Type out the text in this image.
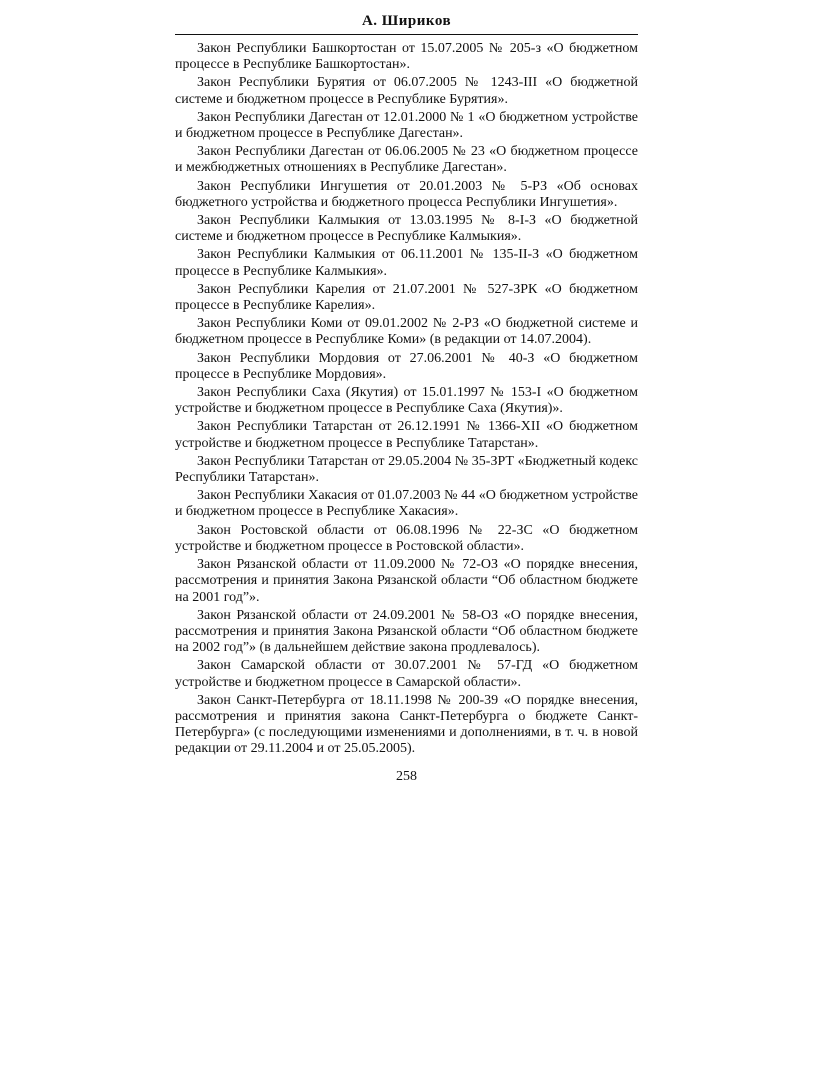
А. Шириков

Закон Республики Башкортостан от 15.07.2005 № 205-з «О бюджетном процессе в Республике Башкортостан».

Закон Республики Бурятия от 06.07.2005 № 1243-III «О бюджетной системе и бюджетном процессе в Республике Бурятия».

Закон Республики Дагестан от 12.01.2000 № 1 «О бюджетном устройстве и бюджетном процессе в Республике Дагестан».

Закон Республики Дагестан от 06.06.2005 № 23 «О бюджетном процессе и межбюджетных отношениях в Республике Дагестан».

Закон Республики Ингушетия от 20.01.2003 № 5-РЗ «Об основах бюджетного устройства и бюджетного процесса Республики Ингушетия».

Закон Республики Калмыкия от 13.03.1995 № 8-I-З «О бюджетной системе и бюджетном процессе в Республике Калмыкия».

Закон Республики Калмыкия от 06.11.2001 № 135-II-З «О бюджетном процессе в Республике Калмыкия».

Закон Республики Карелия от 21.07.2001 № 527-ЗРК «О бюджетном процессе в Республике Карелия».

Закон Республики Коми от 09.01.2002 № 2-РЗ «О бюджетной системе и бюджетном процессе в Республике Коми» (в редакции от 14.07.2004).

Закон Республики Мордовия от 27.06.2001 № 40-З «О бюджетном процессе в Республике Мордовия».

Закон Республики Саха (Якутия) от 15.01.1997 № 153-I «О бюджетном устройстве и бюджетном процессе в Республике Саха (Якутия)».

Закон Республики Татарстан от 26.12.1991 № 1366-XII «О бюджетном устройстве и бюджетном процессе в Республике Татарстан».

Закон Республики Татарстан от 29.05.2004 № 35-ЗРТ «Бюджетный кодекс Республики Татарстан».

Закон Республики Хакасия от 01.07.2003 № 44 «О бюджетном устройстве и бюджетном процессе в Республике Хакасия».

Закон Ростовской области от 06.08.1996 № 22-ЗС «О бюджетном устройстве и бюджетном процессе в Ростовской области».

Закон Рязанской области от 11.09.2000 № 72-ОЗ «О порядке внесения, рассмотрения и принятия Закона Рязанской области “Об областном бюджете на 2001 год”».

Закон Рязанской области от 24.09.2001 № 58-ОЗ «О порядке внесения, рассмотрения и принятия Закона Рязанской области “Об областном бюджете на 2002 год”» (в дальнейшем действие закона продлевалось).

Закон Самарской области от 30.07.2001 № 57-ГД «О бюджетном устройстве и бюджетном процессе в Самарской области».

Закон Санкт-Петербурга от 18.11.1998 № 200-39 «О порядке внесения, рассмотрения и принятия закона Санкт-Петербурга о бюджете Санкт-Петербурга» (с последующими изменениями и дополнениями, в т. ч. в новой редакции от 29.11.2004 и от 25.05.2005).

258
